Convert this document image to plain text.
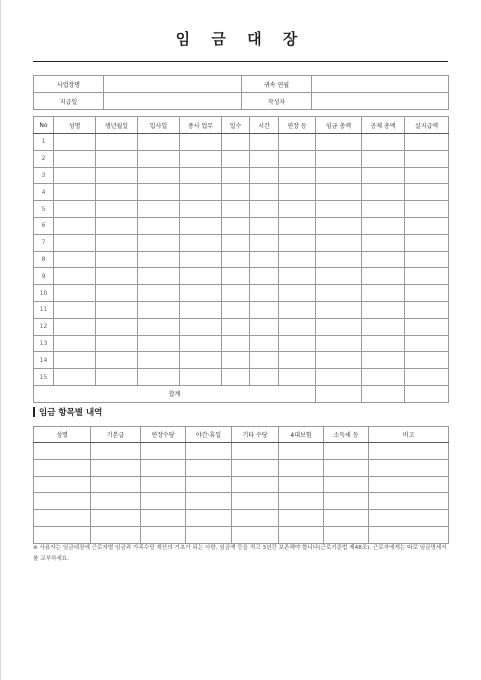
임 금 대 장
사업장명		귀속 연월	
지급일		작성자	
No	성명	생년월일	입사일	종사 업무	일수	시간	연장 등	임금 총액	공제 총액	실지급액
1										
2										
3										
4										
5										
6										
7										
8										
9										
10										
11										
12										
13										
14										
15										
합계										
임금 항목별 내역
성명	기본급	연장수당	야간·휴일	기타 수당	4대보험	소득세 등	비고

※ 사용자는 임금대장에 근로자별 임금과 가족수당 계산의 기초가 되는 사항, 임금액 등을 적고 3년간 보존해야 합니다(근로기준법 제48조). 근로자에게는 따로 임금명세서를 교부하세요.
